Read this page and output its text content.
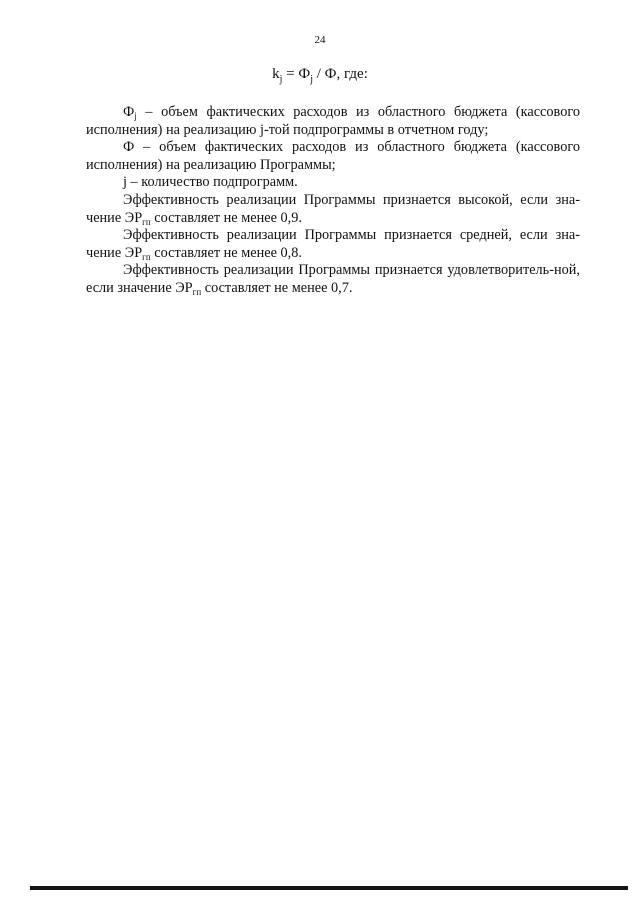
24
$k_j = Ф_j / Ф$, где:

$Ф_j$ – объем фактических расходов из областного бюджета (кассового исполнения) на реализацию j-той подпрограммы в отчетном году;

Ф – объем фактических расходов из областного бюджета (кассового исполнения) на реализацию Программы;

j – количество подпрограмм.

Эффективность реализации Программы признается высокой, если зна-чение $ЭР_{гп}$ составляет не менее 0,9.

Эффективность реализации Программы признается средней, если зна-чение $ЭР_{гп}$ составляет не менее 0,8.

Эффективность реализации Программы признается удовлетворитель-ной, если значение $ЭР_{гп}$ составляет не менее 0,7.
